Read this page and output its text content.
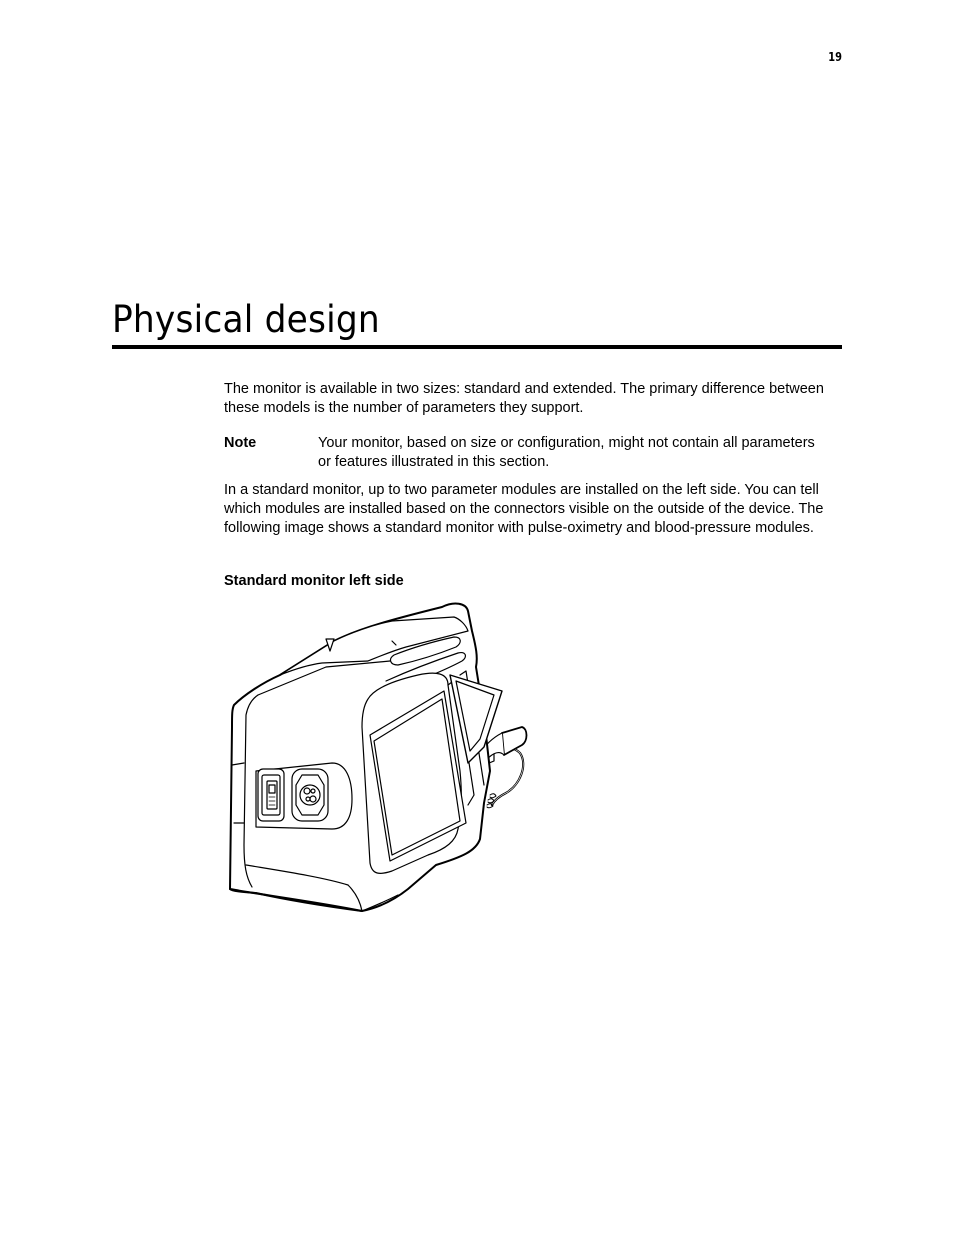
19
Physical design

The monitor is available in two sizes: standard and extended. The primary difference between these models is the number of parameters they support.

Note	Your monitor, based on size or configuration, might not contain all parameters or features illustrated in this section.

In a standard monitor, up to two parameter modules are installed on the left side. You can tell which modules are installed based on the connectors visible on the outside of the device. The following image shows a standard monitor with pulse-oximetry and blood-pressure modules.

Standard monitor left side
